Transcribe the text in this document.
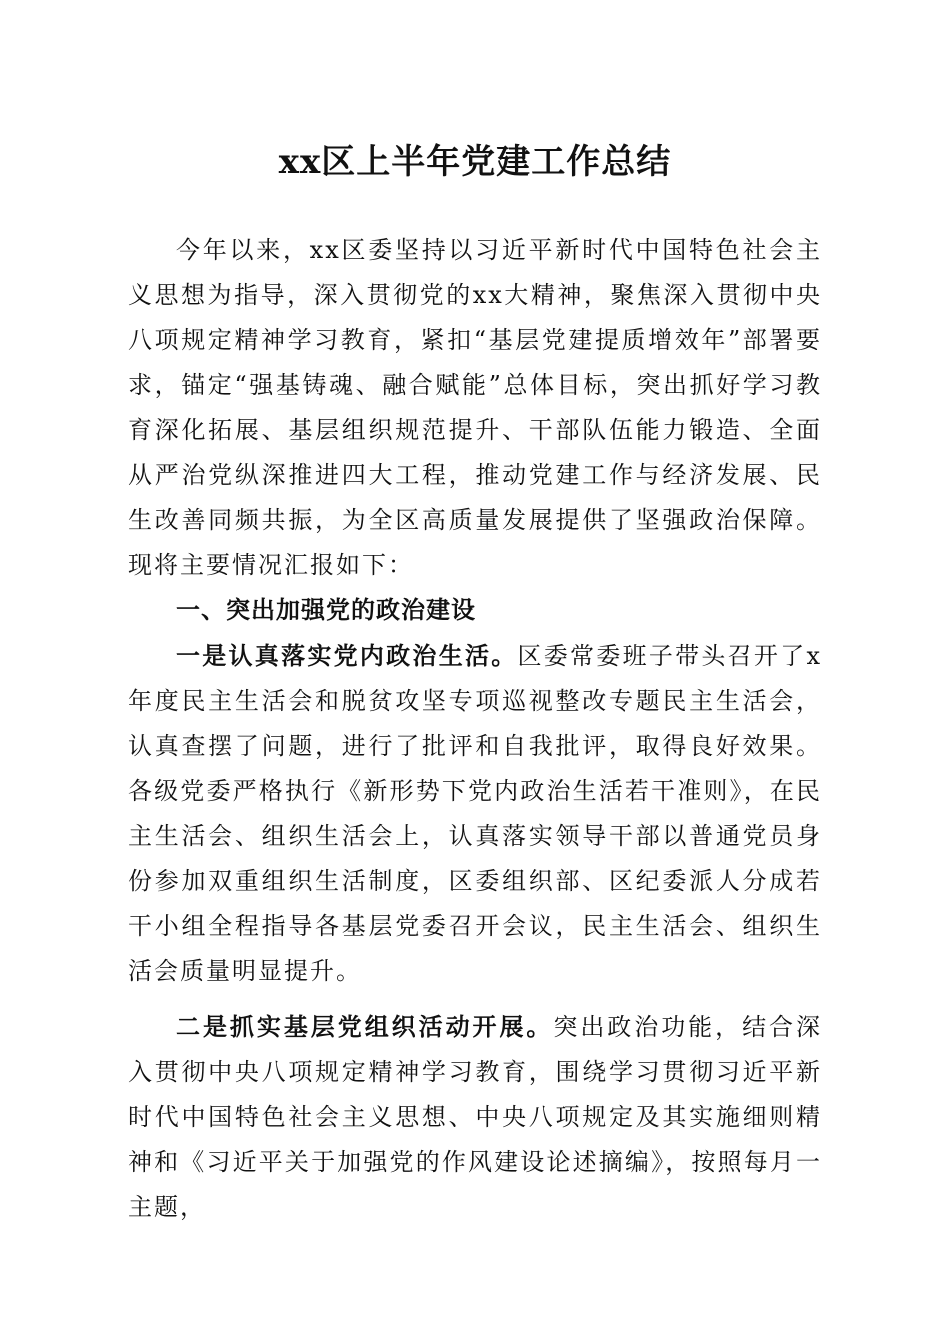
xx区上半年党建工作总结

今年以来，xx区委坚持以习近平新时代中国特色社会主义思想为指导，深入贯彻党的xx大精神，聚焦深入贯彻中央八项规定精神学习教育，紧扣“基层党建提质增效年”部署要求，锚定“强基铸魂、融合赋能”总体目标，突出抓好学习教育深化拓展、基层组织规范提升、干部队伍能力锻造、全面从严治党纵深推进四大工程，推动党建工作与经济发展、民生改善同频共振，为全区高质量发展提供了坚强政治保障。现将主要情况汇报如下：

一、突出加强党的政治建设

一是认真落实党内政治生活。区委常委班子带头召开了x年度民主生活会和脱贫攻坚专项巡视整改专题民主生活会，认真查摆了问题，进行了批评和自我批评，取得良好效果。各级党委严格执行《新形势下党内政治生活若干准则》，在民主生活会、组织生活会上，认真落实领导干部以普通党员身份参加双重组织生活制度，区委组织部、区纪委派人分成若干小组全程指导各基层党委召开会议，民主生活会、组织生活会质量明显提升。

二是抓实基层党组织活动开展。突出政治功能，结合深入贯彻中央八项规定精神学习教育，围绕学习贯彻习近平新时代中国特色社会主义思想、中央八项规定及其实施细则精神和《习近平关于加强党的作风建设论述摘编》，按照每月一主题，
